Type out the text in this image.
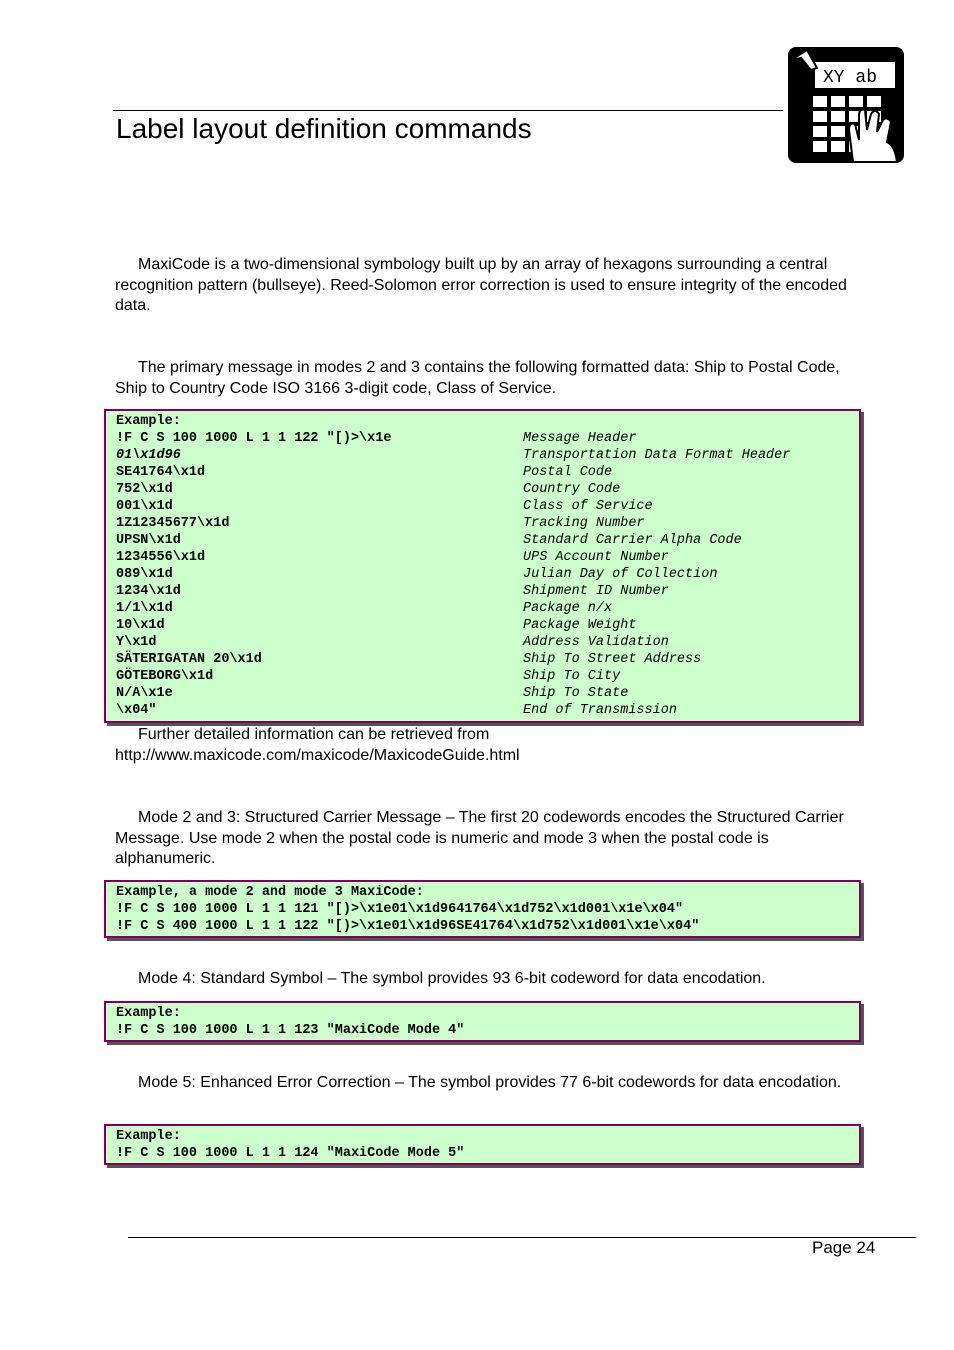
Label layout definition commands
XY ab

MaxiCode is a two-dimensional symbology built up by an array of hexagons surrounding a central recognition pattern (bullseye). Reed-Solomon error correction is used to ensure integrity of the encoded data.

The primary message in modes 2 and 3 contains the following formatted data: Ship to Postal Code, Ship to Country Code ISO 3166 3-digit code, Class of Service.

Example:
!F C S 100 1000 L 1 1 122 "[)>\x1e	Message Header
01\x1d96	Transportation Data Format Header
SE41764\x1d	Postal Code
752\x1d	Country Code
001\x1d	Class of Service
1Z12345677\x1d	Tracking Number
UPSN\x1d	Standard Carrier Alpha Code
1234556\x1d	UPS Account Number
089\x1d	Julian Day of Collection
1234\x1d	Shipment ID Number
1/1\x1d	Package n/x
10\x1d	Package Weight
Y\x1d	Address Validation
SÄTERIGATAN 20\x1d	Ship To Street Address
GÖTEBORG\x1d	Ship To City
N/A\x1e	Ship To State
\x04"	End of Transmission

Further detailed information can be retrieved from
http://www.maxicode.com/maxicode/MaxicodeGuide.html

Mode 2 and 3: Structured Carrier Message – The first 20 codewords encodes the Structured Carrier Message. Use mode 2 when the postal code is numeric and mode 3 when the postal code is alphanumeric.

Example, a mode 2 and mode 3 MaxiCode:
!F C S 100 1000 L 1 1 121 "[)>\x1e01\x1d9641764\x1d752\x1d001\x1e\x04"
!F C S 400 1000 L 1 1 122 "[)>\x1e01\x1d96SE41764\x1d752\x1d001\x1e\x04"

Mode 4: Standard Symbol – The symbol provides 93 6-bit codeword for data encodation.

Example:
!F C S 100 1000 L 1 1 123 "MaxiCode Mode 4"

Mode 5: Enhanced Error Correction – The symbol provides 77 6-bit codewords for data encodation.

Example:
!F C S 100 1000 L 1 1 124 "MaxiCode Mode 5"
Page 24
